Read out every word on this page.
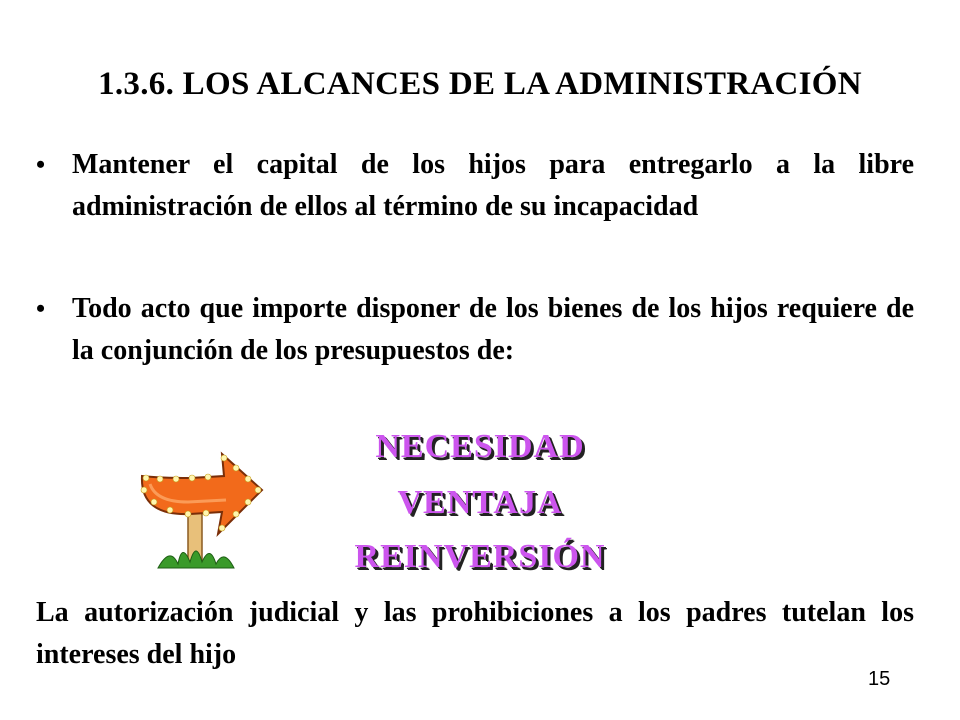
1.3.6. LOS ALCANCES DE LA ADMINISTRACIÓN
• Mantener el capital de los hijos para entregarlo a la libre administración de ellos al término de su incapacidad
• Todo acto que importe disponer de los bienes de los hijos requiere de la conjunción de los presupuestos de:
NECESIDAD
VENTAJA
REINVERSIÓN
La autorización judicial y las prohibiciones a los padres tutelan los intereses del hijo
15
